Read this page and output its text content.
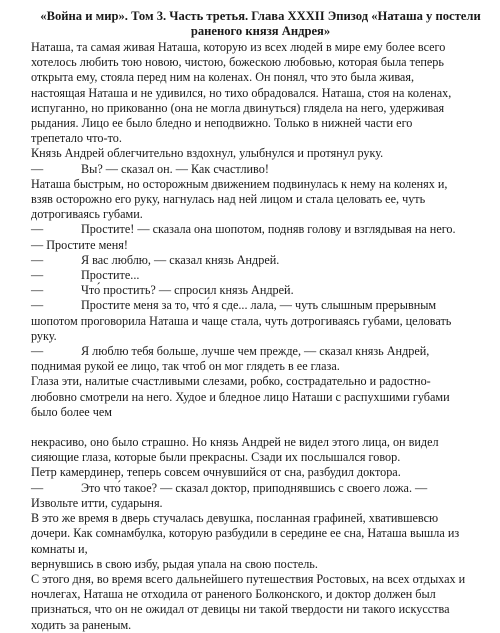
«Война и мир». Том 3. Часть третья. Глава XXXII Эпизод «Наташа у постели раненого князя Андрея»
Наташа, та самая живая Наташа, которую из всех людей в мире ему более всего
хотелось любить тою новою, чистою, божескою любовью, которая была теперь
открыта ему, стояла перед ним на коленах. Он понял, что это была живая,
настоящая Наташа и не удивился, но тихо обрадовался. Наташа, стоя на коленах,
испуганно, но прикованно (она не могла двинуться) глядела на него, удерживая
рыдания. Лицо ее было бледно и неподвижно. Только в нижней части его
трепетало что-то.
Князь Андрей облегчительно вздохнул, улыбнулся и протянул руку.
—	Вы? — сказал он. — Как счастливо!
Наташа быстрым, но осторожным движением подвинулась к нему на коленях и,
взяв осторожно его руку, нагнулась над ней лицом и стала целовать ее, чуть
дотрогиваясь губами.
—	Простите! — сказала она шопотом, подняв голову и взглядывая на него.
— Простите меня!
—	Я вас люблю, — сказал князь Андрей.
—	Простите...
—	Что́ простить? — спросил князь Андрей.
—	Простите меня за то, что́ я сде... лала, — чуть слышным прерывным
шопотом проговорила Наташа и чаще стала, чуть дотрогиваясь губами, целовать
руку.
—	Я люблю тебя больше, лучше чем прежде, — сказал князь Андрей,
поднимая рукой ее лицо, так чтоб он мог глядеть в ее глаза.
Глаза эти, налитые счастливыми слезами, робко, сострадательно и радостно-
любовно смотрели на него. Худое и бледное лицо Наташи с распухшими губами
было более чем
некрасиво, оно было страшно. Но князь Андрей не видел этого лица, он видел
сияющие глаза, которые были прекрасны. Сзади их послышался говор.
Петр камердинер, теперь совсем очнувшийся от сна, разбудил доктора.
—	Это что́ такое? — сказал доктор, приподнявшись с своего ложа. —
Извольте итти, сударыня.
В это же время в дверь стучалась девушка, посланная графиней, хватившевсю
дочери. Как сомнамбулка, которую разбудили в середине ее сна, Наташа вышла из
комнаты и,
вернувшись в свою избу, рыдая упала на свою постель.
С этого дня, во время всего дальнейшего путешествия Ростовых, на всех отдыхах и
ночлегах, Наташа не отходила от раненого Болконского, и доктор должен был
признаться, что он не ожидал от девицы ни такой твердости ни такого искусства
ходить за раненым.
